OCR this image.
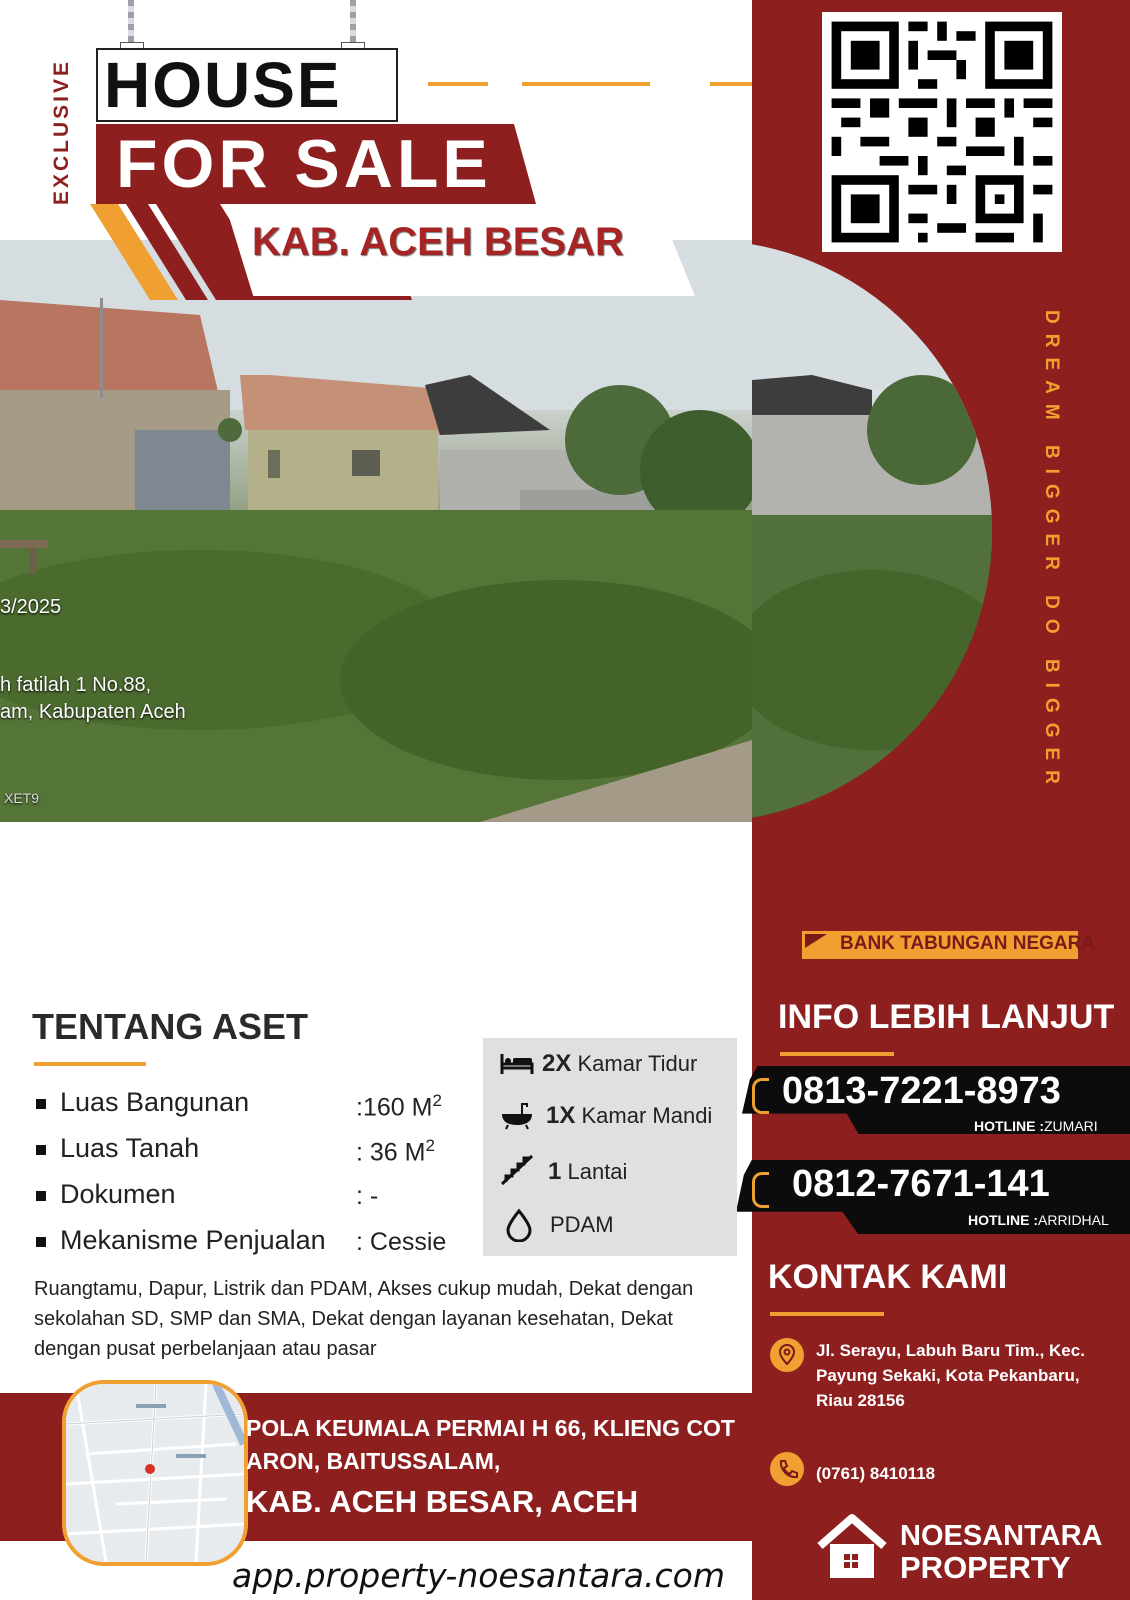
3/2025
h fatilah 1 No.88,
am, Kabupaten Aceh
XET9
HOUSE
EXCLUSIVE FOR SALE
KAB. ACEH BESAR
DREAM BIGGER DO BIGGER
BANK TABUNGAN NEGARA
INFO LEBIH LANJUT
0813-7221-8973
HOTLINE :ZUMARI
0812-7671-141
HOTLINE :ARRIDHAL
KONTAK KAMI
Jl. Serayu, Labuh Baru Tim., Kec. Payung Sekaki, Kota Pekanbaru, Riau 28156
(0761) 8410118
NOESANTARA
PROPERTY
TENTANG ASET
Luas Bangunan	:160 $M^2$
Luas Tanah	: 36 $M^2$
Dokumen	: -
Mekanisme Penjualan : Cessie
2X Kamar Tidur
1X Kamar Mandi
1 Lantai
PDAM
Ruangtamu, Dapur, Listrik dan PDAM, Akses cukup mudah, Dekat dengan sekolahan SD, SMP dan SMA, Dekat dengan layanan kesehatan, Dekat dengan pusat perbelanjaan atau pasar
POLA KEUMALA PERMAI H 66, KLIENG COT ARON, BAITUSSALAM,
KAB. ACEH BESAR, ACEH
app.property-noesantara.com
